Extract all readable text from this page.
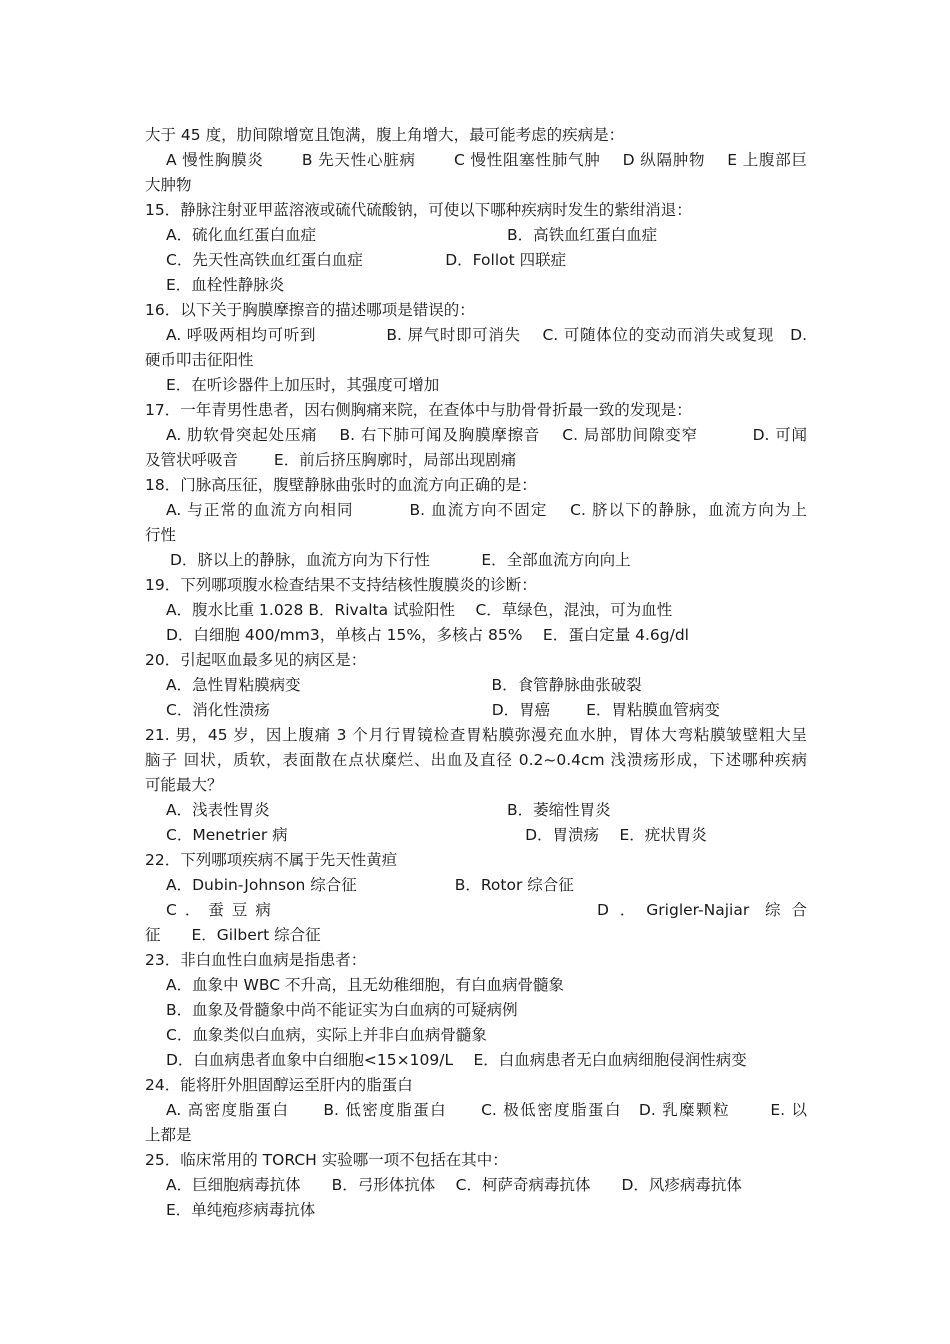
大于 45 度，肋间隙增宽且饱满，腹上角增大，最可能考虑的疾病是：
A 慢性胸膜炎　　 B 先天性心脏病　　 C 慢性阻塞性肺气肿　 D 纵隔肿物　 E 上腹部巨
大肿物
15．静脉注射亚甲蓝溶液或硫代硫酸钠，可使以下哪种疾病时发生的紫绀消退：
A．硫化血红蛋白血症　　　　　　　　　　　　 B．高铁血红蛋白血症
C．先天性高铁血红蛋白血症　　　　　 D．Follot 四联症
E．血栓性静脉炎
16．以下关于胸膜摩擦音的描述哪项是错误的：
A. 呼吸两相均可听到　　　　 B. 屏气时即可消失　 C. 可随体位的变动而消失或复现　D.
硬币叩击征阳性
E．在听诊器件上加压时，其强度可增加
17．一年青男性患者，因右侧胸痛来院，在查体中与肋骨骨折最一致的发现是：
A. 肋软骨突起处压痛　 B. 右下肺可闻及胸膜摩擦音　 C. 局部肋间隙变窄　　　 D. 可闻
及管状呼吸音　　 E．前后挤压胸廓时，局部出现剧痛
18．门脉高压征，腹壁静脉曲张时的血流方向正确的是：
A. 与正常的血流方向相同　　　 B. 血流方向不固定　 C. 脐以下的静脉，血流方向为上
行性
D．脐以上的静脉，血流方向为下行性　　　 E．全部血流方向向上
19．下列哪项腹水检查结果不支持结核性腹膜炎的诊断：
A．腹水比重 1.028 B．Rivalta 试验阳性　 C．草绿色，混浊，可为血性
D．白细胞 400/mm3，单核占 15%，多核占 85%　 E．蛋白定量 4.6g/dl
20．引起呕血最多见的病区是：
A．急性胃粘膜病变　　　　　　　　　　　　 B．食管静脉曲张破裂
C．消化性溃疡　　　　　　　　　　　　　　 D．胃癌　　 E．胃粘膜血管病变
21. 男，45 岁，因上腹痛 3 个月行胃镜检查胃粘膜弥漫充血水肿，胃体大弯粘膜皱壁粗大呈
脑子 回状，质软，表面散在点状糜烂、出血及直径 0.2~0.4cm 浅溃疡形成，下述哪种疾病
可能最大？
A．浅表性胃炎　　　　　　　　　　　　　　　 B．萎缩性胃炎
C．Menetrier 病　　　　　　　　　　　　　　　 D．胃溃疡　 E．疣状胃炎
22．下列哪项疾病不属于先天性黄疸
A．Dubin-Johnson 综合征　　　　　　 B．Rotor 综合征
C．蚕豆病	D．Grigler-Najiar 综合
征　　E．Gilbert 综合征
23．非白血性白血病是指患者：
A．血象中 WBC 不升高，且无幼稚细胞，有白血病骨髓象
B．血象及骨髓象中尚不能证实为白血病的可疑病例
C．血象类似白血病，实际上并非白血病骨髓象
D．白血病患者血象中白细胞<15×109/L　 E．白血病患者无白血病细胞侵润性病变
24．能将肝外胆固醇运至肝内的脂蛋白
A. 高密度脂蛋白　　B. 低密度脂蛋白　　C. 极低密度脂蛋白　D. 乳糜颗粒　　 E. 以
上都是
25．临床常用的 TORCH 实验哪一项不包括在其中：
A．巨细胞病毒抗体　　B．弓形体抗体　 C．柯萨奇病毒抗体　　D．风疹病毒抗体
E．单纯疱疹病毒抗体
